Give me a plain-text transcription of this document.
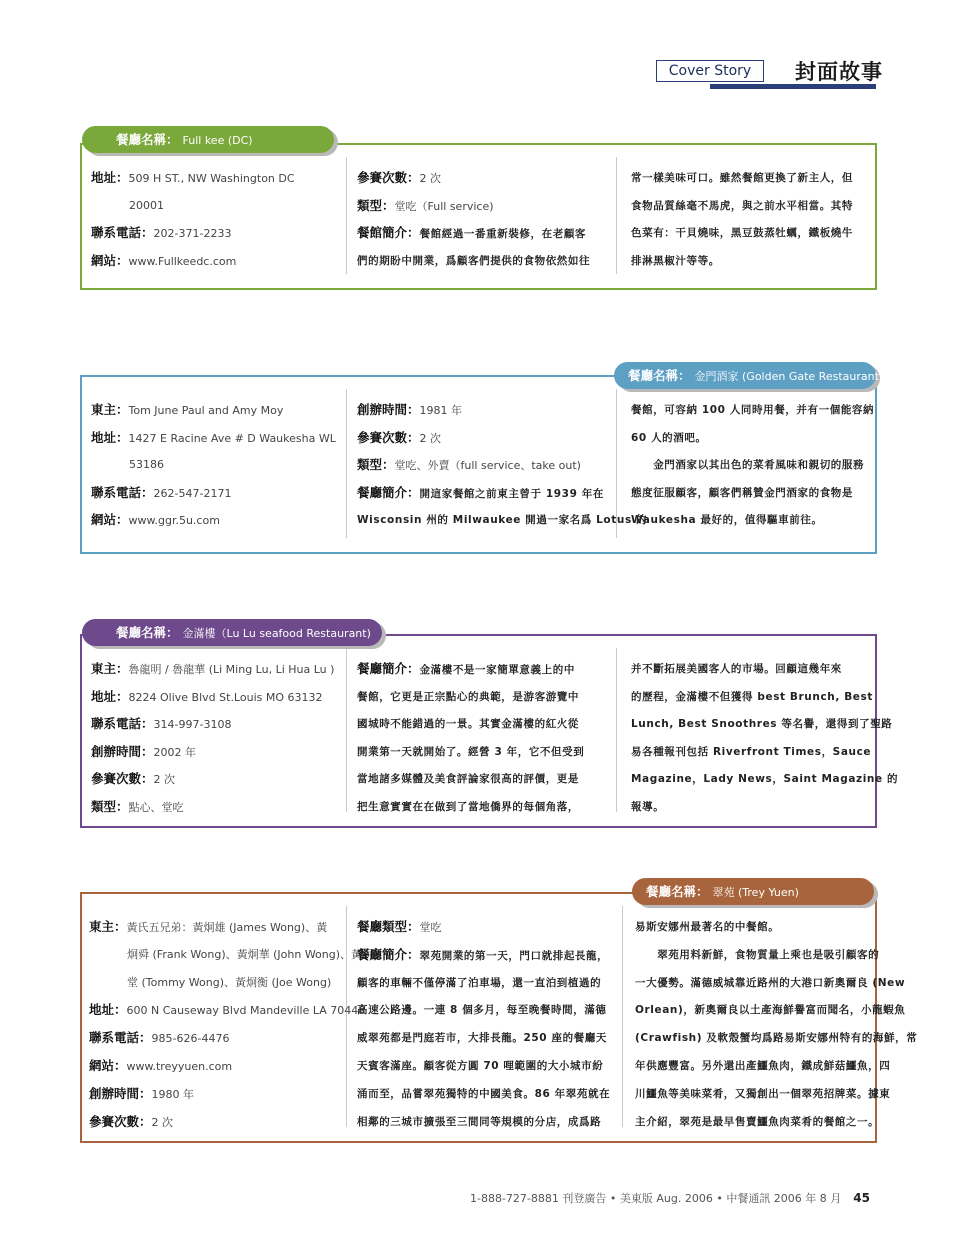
Cover Story	封面故事
地址：509 H ST., NW Washington DC
20001
聯系電話：202-371-2233
網站：www.Fullkeedc.com
參賽次數：2 次
類型：堂吃（Full service)
餐館簡介：餐館經過一番重新裝修，在老顧客
們的期盼中開業，爲顧客們提供的食物依然如往
常一樣美味可口。雖然餐館更換了新主人，但
食物品質絲毫不馬虎，與之前水平相當。其特
色菜有：干貝燒味，黑豆鼓蒸牡蠣，鐵板燒牛
排淋黑椒汁等等。
餐廳名稱： Full kee (DC)
東主：Tom June Paul and Amy Moy
地址：1427 E Racine Ave # D Waukesha WL
53186
聯系電話：262-547-2171
網站：www.ggr.5u.com
創辦時間：1981 年
參賽次數：2 次
類型：堂吃、外賣（full service、take out)
餐廳簡介：開這家餐館之前東主曾于 1939 年在
Wisconsin 州的 Milwaukee 開過一家名爲 Lotus 的
餐館，可容納 100 人同時用餐，并有一個能容納
60 人的酒吧。
　　金門酒家以其出色的菜肴風味和親切的服務
態度征服顧客，顧客們稱贊金門酒家的食物是
Waukesha 最好的，值得驅車前往。
餐廳名稱： 金門酒家 (Golden Gate Restaurant)
東主：魯龍明 / 魯龍華 (Li Ming Lu, Li Hua Lu )
地址：8224 Olive Blvd St.Louis MO 63132
聯系電話：314-997-3108
創辦時間：2002 年
參賽次數：2 次
類型：點心、堂吃
餐廳簡介：金滿樓不是一家簡單意義上的中
餐館，它更是正宗點心的典範，是游客游覽中
國城時不能錯過的一景。其實金滿樓的紅火從
開業第一天就開始了。經營 3 年，它不但受到
當地諸多媒體及美食評論家很高的評價，更是
把生意實實在在做到了當地僑界的每個角落，
并不斷拓展美國客人的市場。回顧這幾年來
的歷程，金滿樓不但獲得 best Brunch, Best
Lunch, Best Snoothres 等名譽，還得到了聖路
易各種報刊包括 Riverfront Times，Sauce
Magazine，Lady News，Saint Magazine 的
報導。
餐廳名稱： 金滿樓（Lu Lu seafood Restaurant)
東主：黃氏五兄弟：黃炯雄 (James Wong)、黃
炯舜 (Frank Wong)、黃炯華 (John Wong)、黃炯
堂 (Tommy Wong)、黃炯衡 (Joe Wong)
地址：600 N Causeway Blvd Mandeville LA 70448
聯系電話：985-626-4476
網站：www.treyyuen.com
創辦時間：1980 年
參賽次數：2 次
餐廳類型：堂吃
餐廳簡介：翠苑開業的第一天，門口就排起長龍，
顧客的車輛不僅停滿了泊車場，還一直泊到植過的
高速公路邊。一連 8 個多月，每至晚餐時間，滿德
威翠苑都是門庭若市，大排長龍。250 座的餐廳天
天賓客滿座。顧客從方圓 70 哩範圍的大小城市紛
涌而至，品嘗翠苑獨特的中國美食。86 年翠苑就在
相鄰的三城市擴張至三間同等規模的分店，成爲路
易斯安娜州最著名的中餐館。
　　翠苑用料新鮮，食物質量上乘也是吸引顧客的
一大優勢。滿德威城靠近路州的大港口新奧爾良 (New
Orlean)，新奧爾良以土產海鮮譽富而聞名，小龍蝦魚
(Crawfish) 及軟殼蟹均爲路易斯安娜州特有的海鮮，常
年供應豐富。另外還出產鱷魚肉，鐵成鮮菇鱷魚，四
川鱷魚等美味菜肴，又獨創出一個翠苑招牌菜。據東
主介紹，翠苑是最早售賣鱷魚肉菜肴的餐館之一。
餐廳名稱： 翠苑 (Trey Yuen)
1-888-727-8881 刊登廣告 • 美東版 Aug. 2006 • 中餐通訊 2006 年 8 月 45
